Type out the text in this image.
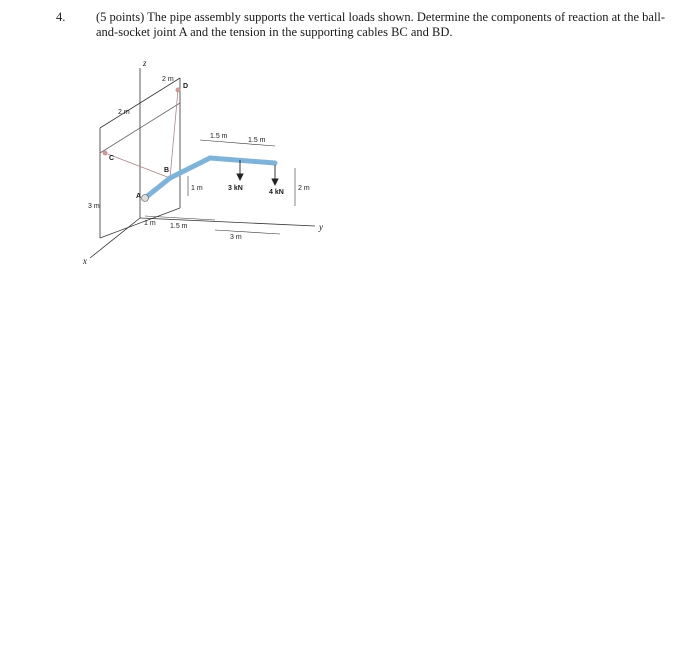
4. (5 points) The pipe assembly supports the vertical loads shown. Determine the components of reaction at the ball-and-socket joint A and the tension in the supporting cables BC and BD.
z
x
y
A
B
C
D
2 m
2 m
3 m
1 m
1 m 1.5 m
3 m
1.5 m
1.5 m
2 m
3 kN
4 kN
